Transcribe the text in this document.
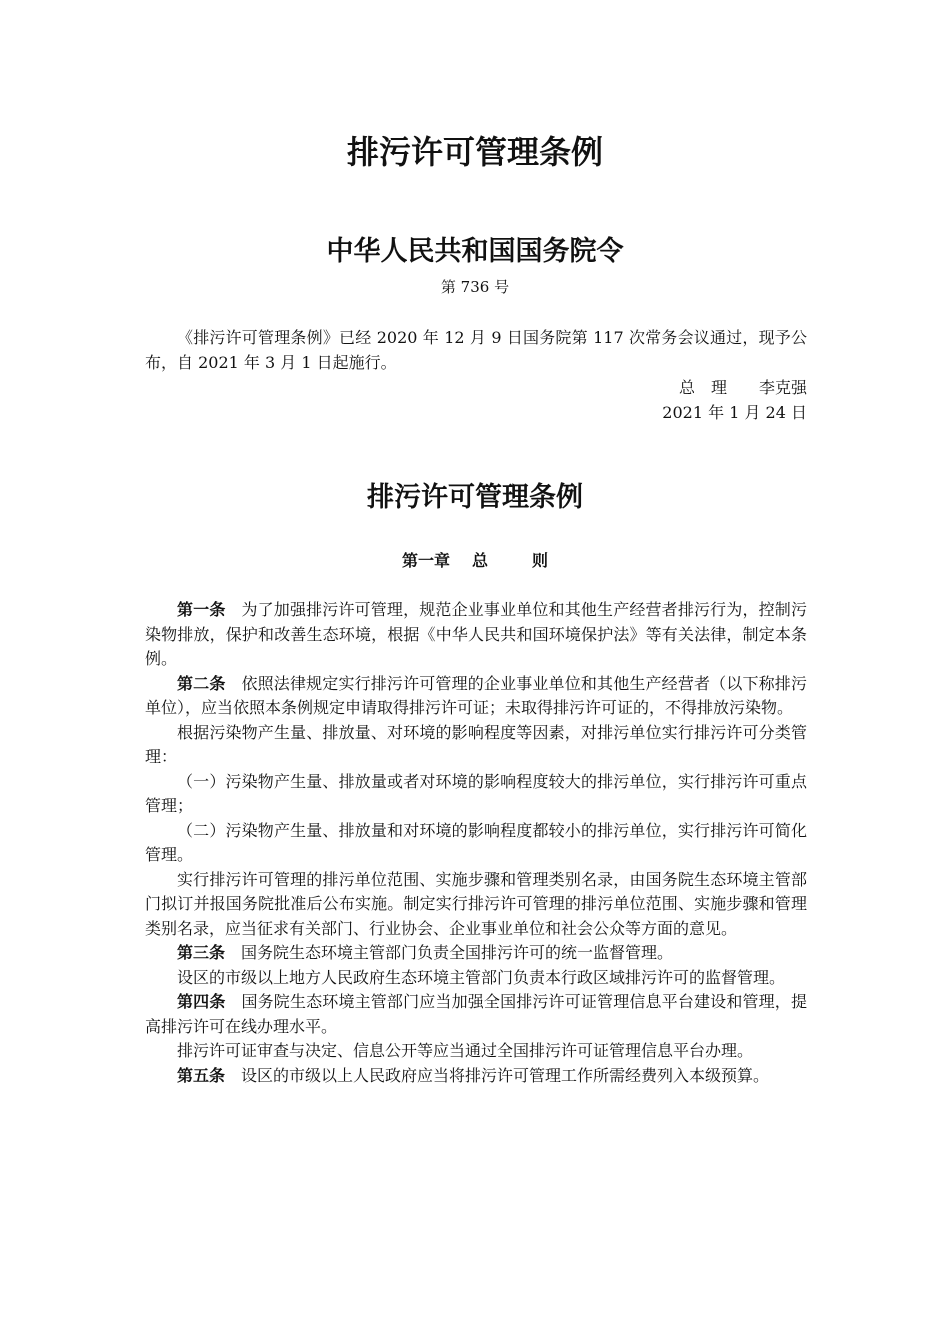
排污许可管理条例
中华人民共和国国务院令
第 736 号

《排污许可管理条例》已经 2020 年 12 月 9 日国务院第 117 次常务会议通过，现予公布，自 2021 年 3 月 1 日起施行。

总理 李克强
2021 年 1 月 24 日
排污许可管理条例
第一章 总	则

第一条 为了加强排污许可管理，规范企业事业单位和其他生产经营者排污行为，控制污染物排放，保护和改善生态环境，根据《中华人民共和国环境保护法》等有关法律，制定本条例。

第二条 依照法律规定实行排污许可管理的企业事业单位和其他生产经营者（以下称排污单位），应当依照本条例规定申请取得排污许可证；未取得排污许可证的，不得排放污染物。

根据污染物产生量、排放量、对环境的影响程度等因素，对排污单位实行排污许可分类管理：

（一）污染物产生量、排放量或者对环境的影响程度较大的排污单位，实行排污许可重点管理；

（二）污染物产生量、排放量和对环境的影响程度都较小的排污单位，实行排污许可简化管理。

实行排污许可管理的排污单位范围、实施步骤和管理类别名录，由国务院生态环境主管部门拟订并报国务院批准后公布实施。制定实行排污许可管理的排污单位范围、实施步骤和管理类别名录，应当征求有关部门、行业协会、企业事业单位和社会公众等方面的意见。

第三条 国务院生态环境主管部门负责全国排污许可的统一监督管理。

设区的市级以上地方人民政府生态环境主管部门负责本行政区域排污许可的监督管理。

第四条 国务院生态环境主管部门应当加强全国排污许可证管理信息平台建设和管理，提高排污许可在线办理水平。

排污许可证审查与决定、信息公开等应当通过全国排污许可证管理信息平台办理。

第五条 设区的市级以上人民政府应当将排污许可管理工作所需经费列入本级预算。
